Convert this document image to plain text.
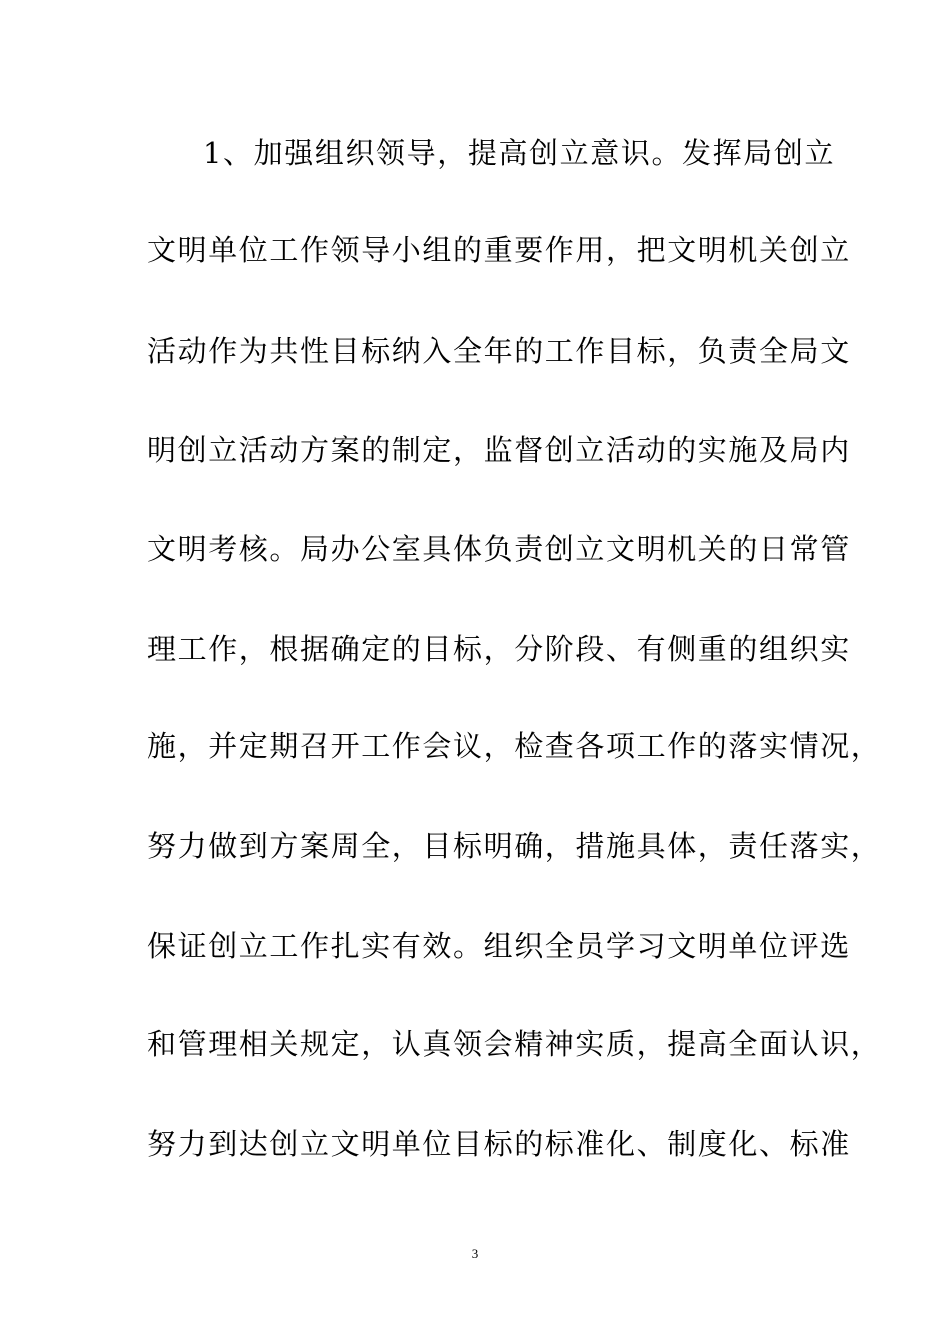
1、加强组织领导，提高创立意识。发挥局创立
文明单位工作领导小组的重要作用，把文明机关创立
活动作为共性目标纳入全年的工作目标，负责全局文
明创立活动方案的制定，监督创立活动的实施及局内
文明考核。局办公室具体负责创立文明机关的日常管
理工作，根据确定的目标，分阶段、有侧重的组织实
施，并定期召开工作会议，检查各项工作的落实情况，
努力做到方案周全，目标明确，措施具体，责任落实，
保证创立工作扎实有效。组织全员学习文明单位评选
和管理相关规定，认真领会精神实质，提高全面认识，
努力到达创立文明单位目标的标准化、制度化、标准
3
